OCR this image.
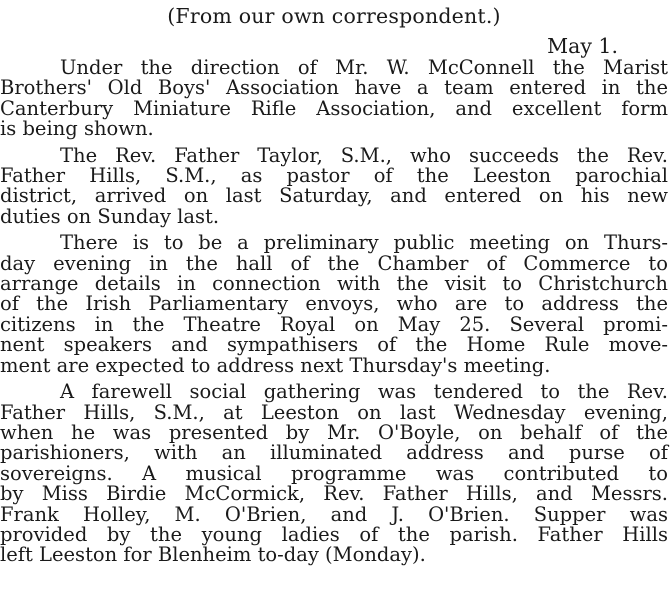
(From our own correspondent.)
May 1.
Under the direction of Mr. W. McConnell the Marist
Brothers' Old Boys' Association have a team entered in the
Canterbury Miniature Rifle Association, and excellent form
is being shown.
The Rev. Father Taylor, S.M., who succeeds the Rev.
Father Hills, S.M., as pastor of the Leeston parochial
district, arrived on last Saturday, and entered on his new
duties on Sunday last.
There is to be a preliminary public meeting on Thurs-
day evening in the hall of the Chamber of Commerce to
arrange details in connection with the visit to Christchurch
of the Irish Parliamentary envoys, who are to address the
citizens in the Theatre Royal on May 25. Several promi-
nent speakers and sympathisers of the Home Rule move-
ment are expected to address next Thursday's meeting.
A farewell social gathering was tendered to the Rev.
Father Hills, S.M., at Leeston on last Wednesday evening,
when he was presented by Mr. O'Boyle, on behalf of the
parishioners, with an illuminated address and purse of
sovereigns. A musical programme was contributed to
by Miss Birdie McCormick, Rev. Father Hills, and Messrs.
Frank Holley, M. O'Brien, and J. O'Brien. Supper was
provided by the young ladies of the parish. Father Hills
left Leeston for Blenheim to-day (Monday).
